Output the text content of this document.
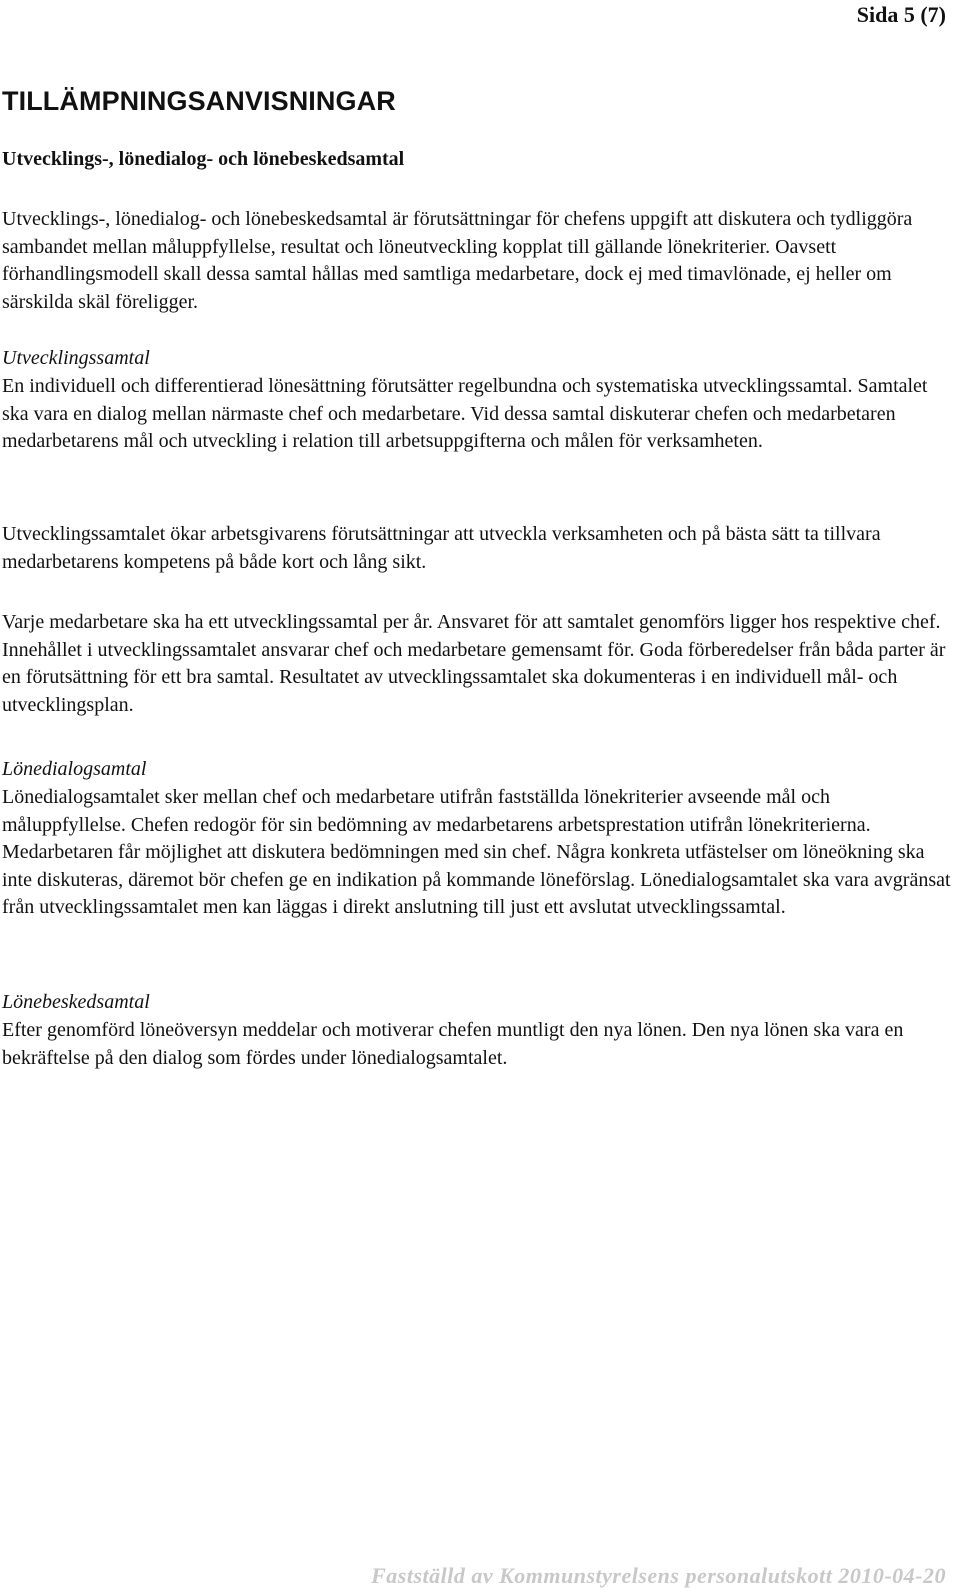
Sida 5 (7)

TILLÄMPNINGSANVISNINGAR
Utvecklings-, lönedialog- och lönebeskedsamtal

Utvecklings-, lönedialog- och lönebeskedsamtal är förutsättningar för chefens uppgift att diskutera och tydliggöra sambandet mellan måluppfyllelse, resultat och löneutveckling kopplat till gällande lönekriterier. Oavsett förhandlingsmodell skall dessa samtal hållas med samtliga medarbetare, dock ej med timavlönade, ej heller om särskilda skäl föreligger.

Utvecklingssamtal

En individuell och differentierad lönesättning förutsätter regelbundna och systematiska utvecklingssamtal. Samtalet ska vara en dialog mellan närmaste chef och medarbetare. Vid dessa samtal diskuterar chefen och medarbetaren medarbetarens mål och utveckling i relation till arbetsuppgifterna och målen för verksamheten.

Utvecklingssamtalet ökar arbetsgivarens förutsättningar att utveckla verksamheten och på bästa sätt ta tillvara medarbetarens kompetens på både kort och lång sikt.

Varje medarbetare ska ha ett utvecklingssamtal per år. Ansvaret för att samtalet genomförs ligger hos respektive chef. Innehållet i utvecklingssamtalet ansvarar chef och medarbetare gemensamt för. Goda förberedelser från båda parter är en förutsättning för ett bra samtal. Resultatet av utvecklingssamtalet ska dokumenteras i en individuell mål- och utvecklingsplan.

Lönedialogsamtal

Lönedialogsamtalet sker mellan chef och medarbetare utifrån fastställda lönekriterier avseende mål och måluppfyllelse. Chefen redogör för sin bedömning av medarbetarens arbetsprestation utifrån lönekriterierna. Medarbetaren får möjlighet att diskutera bedömningen med sin chef. Några konkreta utfästelser om löneökning ska inte diskuteras, däremot bör chefen ge en indikation på kommande löneförslag. Lönedialogsamtalet ska vara avgränsat från utvecklingssamtalet men kan läggas i direkt anslutning till just ett avslutat utvecklingssamtal.

Lönebeskedsamtal

Efter genomförd löneöversyn meddelar och motiverar chefen muntligt den nya lönen. Den nya lönen ska vara en bekräftelse på den dialog som fördes under lönedialogsamtalet.

Fastställd av Kommunstyrelsens personalutskott 2010-04-20
